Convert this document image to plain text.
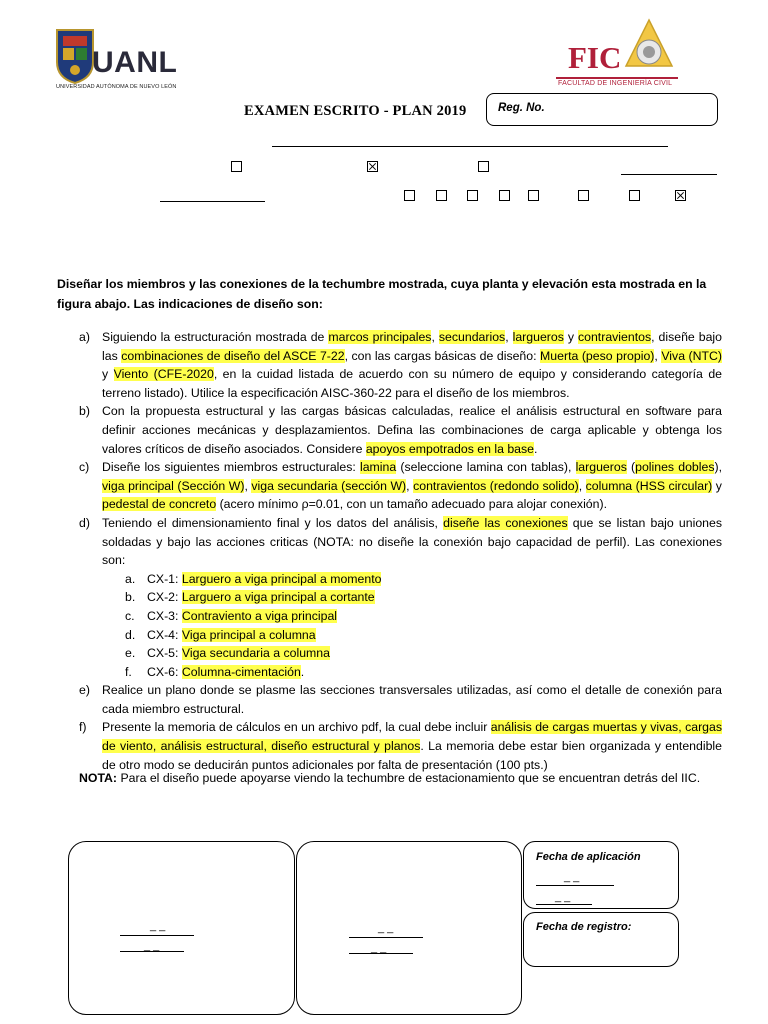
UANL
UNIVERSIDAD AUTÓNOMA DE NUEVO LEÓN
FIC
FACULTAD DE INGENIERÍA CIVIL
EXAMEN ESCRITO - PLAN 2019	Reg. No.
Diseñar los miembros y las conexiones de la techumbre mostrada, cuya planta y elevación esta mostrada en la figura abajo. Las indicaciones de diseño son:
a) Siguiendo la estructuración mostrada de marcos principales, secundarios, largueros y contravientos, diseñe bajo las combinaciones de diseño del ASCE 7-22, con las cargas básicas de diseño: Muerta (peso propio), Viva (NTC) y Viento (CFE-2020, en la cuidad listada de acuerdo con su número de equipo y considerando categoría de terreno listado). Utilice la especificación AISC-360-22 para el diseño de los miembros.
b) Con la propuesta estructural y las cargas básicas calculadas, realice el análisis estructural en software para definir acciones mecánicas y desplazamientos. Defina las combinaciones de carga aplicable y obtenga los valores críticos de diseño asociados. Considere apoyos empotrados en la base.
c) Diseñe los siguientes miembros estructurales: lamina (seleccione lamina con tablas), largueros (polines dobles), viga principal (Sección W), viga secundaria (sección W), contravientos (redondo solido), columna (HSS circular) y pedestal de concreto (acero mínimo ρ=0.01, con un tamaño adecuado para alojar conexión).
d) Teniendo el dimensionamiento final y los datos del análisis, diseñe las conexiones que se listan bajo uniones soldadas y bajo las acciones criticas (NOTA: no diseñe la conexión bajo capacidad de perfil). Las conexiones son:
a. CX-1: Larguero a viga principal a momento
b. CX-2: Larguero a viga principal a cortante
c. CX-3: Contraviento a viga principal
d. CX-4: Viga principal a columna
e. CX-5: Viga secundaria a columna
f. CX-6: Columna-cimentación.
e) Realice un plano donde se plasme las secciones transversales utilizadas, así como el detalle de conexión para cada miembro estructural.
f) Presente la memoria de cálculos en un archivo pdf, la cual debe incluir análisis de cargas muertas y vivas, cargas de viento, análisis estructural, diseño estructural y planos. La memoria debe estar bien organizada y entendible de otro modo se deducirán puntos adicionales por falta de presentación (100 pts.)
NOTA: Para el diseño puede apoyarse viendo la techumbre de estacionamiento que se encuentran detrás del IIC.
_ _
_ _
_ _
_ _
Fecha de aplicación
_ _
_ _
Fecha de registro:
